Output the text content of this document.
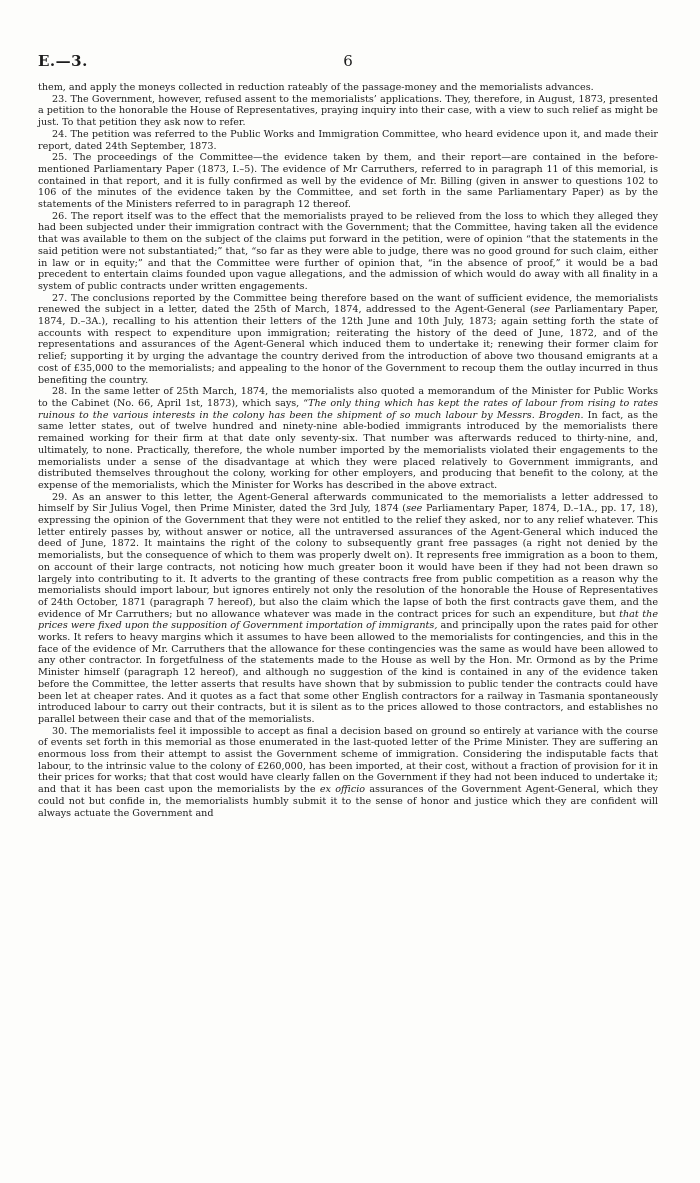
E.—3.	6

them, and apply the moneys collected in reduction rateably of the passage-money and the memorialists advances.

23. The Government, however, refused assent to the memorialists’ applications. They, therefore, in August, 1873, presented a petition to the honorable the House of Representatives, praying inquiry into their case, with a view to such relief as might be just. To that petition they ask now to refer.

24. The petition was referred to the Public Works and Immigration Committee, who heard evidence upon it, and made their report, dated 24th September, 1873.

25. The proceedings of the Committee—the evidence taken by them, and their report—are contained in the before-mentioned Parliamentary Paper (1873, I.–5). The evidence of Mr Carruthers, referred to in paragraph 11 of this memorial, is contained in that report, and it is fully confirmed as well by the evidence of Mr. Billing (given in answer to questions 102 to 106 of the minutes of the evidence taken by the Committee, and set forth in the same Parliamentary Paper) as by the statements of the Ministers referred to in paragraph 12 thereof.

26. The report itself was to the effect that the memorialists prayed to be relieved from the loss to which they alleged they had been subjected under their immigration contract with the Government; that the Committee, having taken all the evidence that was available to them on the subject of the claims put forward in the petition, were of opinion “that the statements in the said petition were not substantiated;” that, “so far as they were able to judge, there was no good ground for such claim, either in law or in equity;” and that the Committee were further of opinion that, “in the absence of proof,” it would be a bad precedent to entertain claims founded upon vague allegations, and the admission of which would do away with all finality in a system of public contracts under written engagements.

27. The conclusions reported by the Committee being therefore based on the want of sufficient evidence, the memorialists renewed the subject in a letter, dated the 25th of March, 1874, addressed to the Agent-General (see Parliamentary Paper, 1874, D.–3A.), recalling to his attention their letters of the 12th June and 10th July, 1873; again setting forth the state of accounts with respect to expenditure upon immigration; reiterating the history of the deed of June, 1872, and of the representations and assurances of the Agent-General which induced them to undertake it; renewing their former claim for relief; supporting it by urging the advantage the country derived from the introduction of above two thousand emigrants at a cost of £35,000 to the memorialists; and appealing to the honor of the Government to recoup them the outlay incurred in thus benefiting the country.

28. In the same letter of 25th March, 1874, the memorialists also quoted a memorandum of the Minister for Public Works to the Cabinet (No. 66, April 1st, 1873), which says, “The only thing which has kept the rates of labour from rising to rates ruinous to the various interests in the colony has been the shipment of so much labour by Messrs. Brogden. In fact, as the same letter states, out of twelve hundred and ninety-nine able-bodied immigrants introduced by the memorialists there remained working for their firm at that date only seventy-six. That number was afterwards reduced to thirty-nine, and, ultimately, to none. Practically, therefore, the whole number imported by the memorialists violated their engagements to the memorialists under a sense of the disadvantage at which they were placed relatively to Government immigrants, and distributed themselves throughout the colony, working for other employers, and producing that benefit to the colony, at the expense of the memorialists, which the Minister for Works has described in the above extract.

29. As an answer to this letter, the Agent-General afterwards communicated to the memorialists a letter addressed to himself by Sir Julius Vogel, then Prime Minister, dated the 3rd July, 1874 (see Parliamentary Paper, 1874, D.–1A., pp. 17, 18), expressing the opinion of the Government that they were not entitled to the relief they asked, nor to any relief whatever. This letter entirely passes by, without answer or notice, all the untraversed assurances of the Agent-General which induced the deed of June, 1872. It maintains the right of the colony to subsequently grant free passages (a right not denied by the memorialists, but the consequence of which to them was properly dwelt on). It represents free immigration as a boon to them, on account of their large contracts, not noticing how much greater boon it would have been if they had not been drawn so largely into contributing to it. It adverts to the granting of these contracts free from public competition as a reason why the memorialists should import labour, but ignores entirely not only the resolution of the honorable the House of Representatives of 24th October, 1871 (paragraph 7 hereof), but also the claim which the lapse of both the first contracts gave them, and the evidence of Mr Carruthers; but no allowance whatever was made in the contract prices for such an expenditure, but that the prices were fixed upon the supposition of Government importation of immigrants, and principally upon the rates paid for other works. It refers to heavy margins which it assumes to have been allowed to the memorialists for contingencies, and this in the face of the evidence of Mr. Carruthers that the allowance for these contingencies was the same as would have been allowed to any other contractor. In forgetfulness of the statements made to the House as well by the Hon. Mr. Ormond as by the Prime Minister himself (paragraph 12 hereof), and although no suggestion of the kind is contained in any of the evidence taken before the Committee, the letter asserts that results have shown that by submission to public tender the contracts could have been let at cheaper rates. And it quotes as a fact that some other English contractors for a railway in Tasmania spontaneously introduced labour to carry out their contracts, but it is silent as to the prices allowed to those contractors, and establishes no parallel between their case and that of the memorialists.

30. The memorialists feel it impossible to accept as final a decision based on ground so entirely at variance with the course of events set forth in this memorial as those enumerated in the last-quoted letter of the Prime Minister. They are suffering an enormous loss from their attempt to assist the Government scheme of immigration. Considering the indisputable facts that labour, to the intrinsic value to the colony of £260,000, has been imported, at their cost, without a fraction of provision for it in their prices for works; that that cost would have clearly fallen on the Government if they had not been induced to undertake it; and that it has been cast upon the memorialists by the ex officio assurances of the Government Agent-General, which they could not but confide in, the memorialists humbly submit it to the sense of honor and justice which they are confident will always actuate the Government and
